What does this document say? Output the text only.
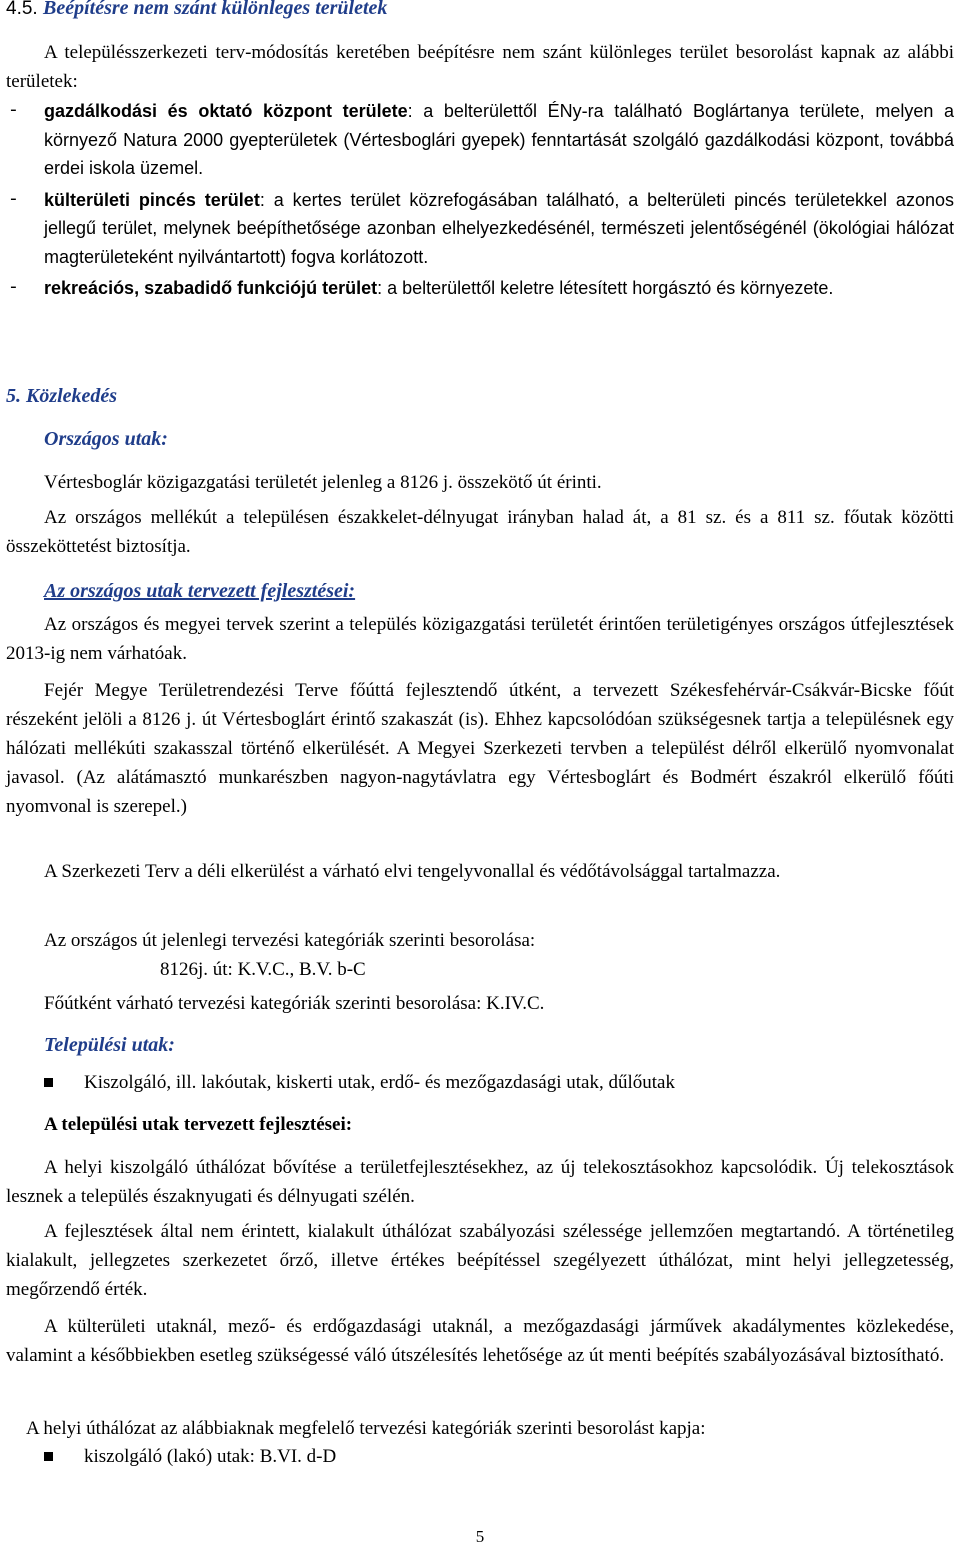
4.5. Beépítésre nem szánt különleges területek

A településszerkezeti terv-módosítás keretében beépítésre nem szánt különleges terület besorolást kapnak az alábbi területek:

- gazdálkodási és oktató központ területe: a belterülettől ÉNy-ra található Boglártanya területe, melyen a környező Natura 2000 gyepterületek (Vértesboglári gyepek) fenntartását szolgáló gazdálkodási központ, továbbá erdei iskola üzemel.
- külterületi pincés terület: a kertes terület közrefogásában található, a belterületi pincés területekkel azonos jellegű terület, melynek beépíthetősége azonban elhelyezkedésénél, természeti jelentőségénél (ökológiai hálózat magterületeként nyilvántartott) fogva korlátozott.
- rekreációs, szabadidő funkciójú terület: a belterülettől keletre létesített horgásztó és környezete.
5. Közlekedés
Országos utak:

Vértesboglár közigazgatási területét jelenleg a 8126 j. összekötő út érinti.

Az országos mellékút a településen északkelet-délnyugat irányban halad át, a 81 sz. és a 811 sz. főutak közötti összeköttetést biztosítja.

Az országos utak tervezett fejlesztései:

Az országos és megyei tervek szerint a település közigazgatási területét érintően területigényes országos útfejlesztések 2013-ig nem várhatóak.

Fejér Megye Területrendezési Terve főúttá fejlesztendő útként, a tervezett Székesfehérvár-Csákvár-Bicske főút részeként jelöli a 8126 j. út Vértesboglárt érintő szakaszát (is). Ehhez kapcsolódóan szükségesnek tartja a településnek egy hálózati mellékúti szakasszal történő elkerülését. A Megyei Szerkezeti tervben a települést délről elkerülő nyomvonalat javasol. (Az alátámasztó munkarészben nagyon-nagytávlatra egy Vértesboglárt és Bodmért északról elkerülő főúti nyomvonal is szerepel.)

A Szerkezeti Terv a déli elkerülést a várható elvi tengelyvonallal és védőtávolsággal tartalmazza.

Az országos út jelenlegi tervezési kategóriák szerinti besorolása:

8126j. út: K.V.C., B.V. b-C

Főútként várható tervezési kategóriák szerinti besorolása: K.IV.C.

Települési utak:
Kiszolgáló, ill. lakóutak, kiskerti utak, erdő- és mezőgazdasági utak, dűlőutak
A települési utak tervezett fejlesztései:

A helyi kiszolgáló úthálózat bővítése a területfejlesztésekhez, az új telekosztásokhoz kapcsolódik. Új telekosztások lesznek a település északnyugati és délnyugati szélén.

A fejlesztések által nem érintett, kialakult úthálózat szabályozási szélessége jellemzően megtartandó. A történetileg kialakult, jellegzetes szerkezetet őrző, illetve értékes beépítéssel szegélyezett úthálózat, mint helyi jellegzetesség, megőrzendő érték.

A külterületi utaknál, mező- és erdőgazdasági utaknál, a mezőgazdasági járművek akadálymentes közlekedése, valamint a későbbiekben esetleg szükségessé váló útszélesítés lehetősége az út menti beépítés szabályozásával biztosítható.

A helyi úthálózat az alábbiaknak megfelelő tervezési kategóriák szerinti besorolást kapja:

kiszolgáló (lakó) utak: B.VI. d-D
5
